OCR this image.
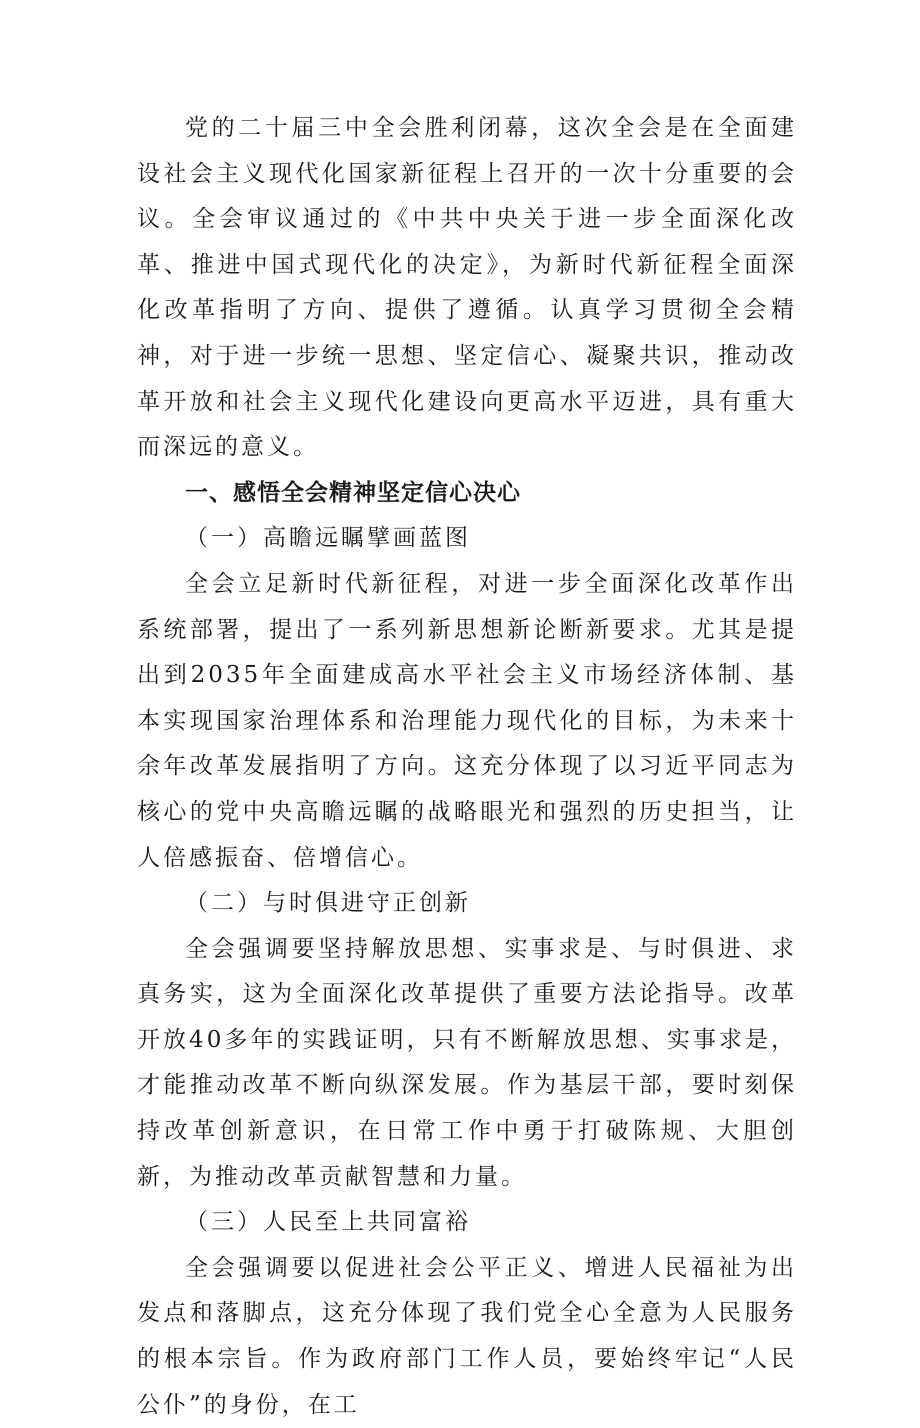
党的二十届三中全会胜利闭幕，这次全会是在全面建设社会主义现代化国家新征程上召开的一次十分重要的会议。全会审议通过的《中共中央关于进一步全面深化改革、推进中国式现代化的决定》，为新时代新征程全面深化改革指明了方向、提供了遵循。认真学习贯彻全会精神，对于进一步统一思想、坚定信心、凝聚共识，推动改革开放和社会主义现代化建设向更高水平迈进，具有重大而深远的意义。

一、感悟全会精神坚定信心决心

（一）高瞻远瞩擘画蓝图

全会立足新时代新征程，对进一步全面深化改革作出系统部署，提出了一系列新思想新论断新要求。尤其是提出到2035年全面建成高水平社会主义市场经济体制、基本实现国家治理体系和治理能力现代化的目标，为未来十余年改革发展指明了方向。这充分体现了以习近平同志为核心的党中央高瞻远瞩的战略眼光和强烈的历史担当，让人倍感振奋、倍增信心。

（二）与时俱进守正创新

全会强调要坚持解放思想、实事求是、与时俱进、求真务实，这为全面深化改革提供了重要方法论指导。改革开放40多年的实践证明，只有不断解放思想、实事求是，才能推动改革不断向纵深发展。作为基层干部，要时刻保持改革创新意识，在日常工作中勇于打破陈规、大胆创新，为推动改革贡献智慧和力量。

（三）人民至上共同富裕

全会强调要以促进社会公平正义、增进人民福祉为出发点和落脚点，这充分体现了我们党全心全意为人民服务的根本宗旨。作为政府部门工作人员，要始终牢记“人民公仆”的身份，在工
